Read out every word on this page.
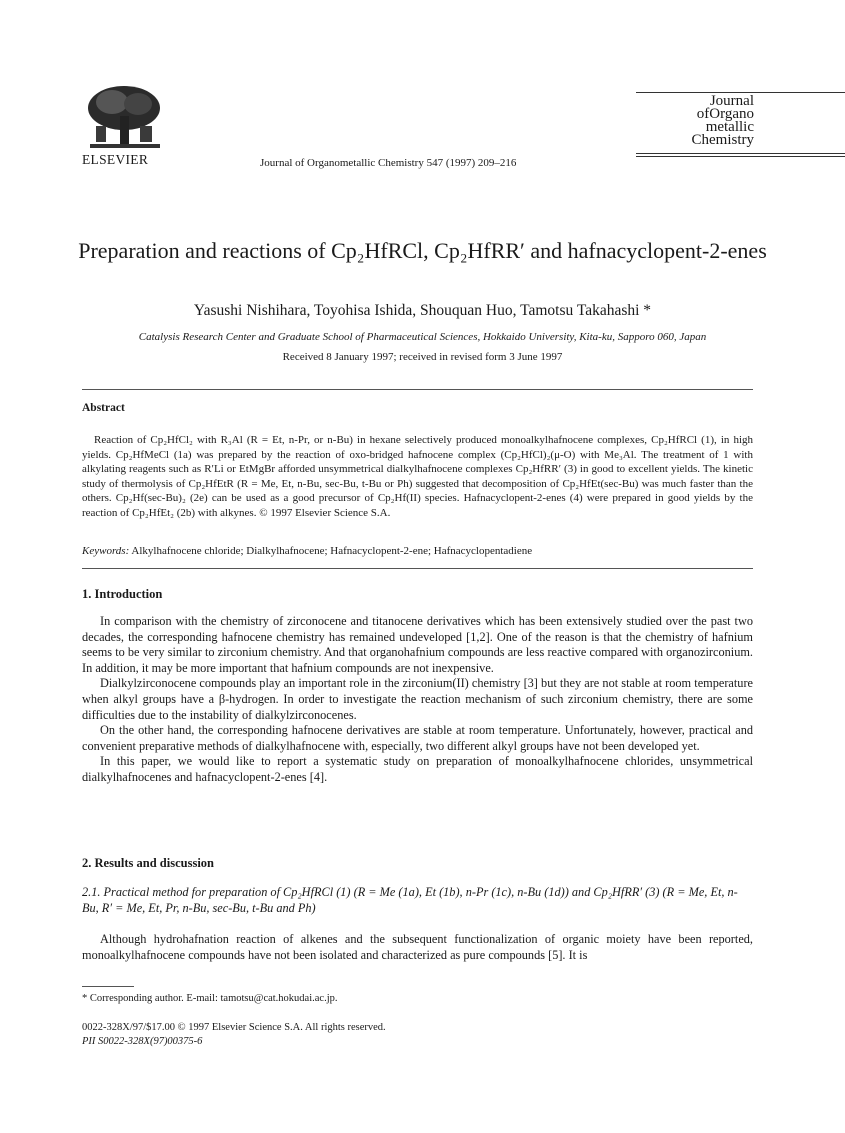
ELSEVIER	Journal of Organometallic Chemistry 547 (1997) 209–216
Journal
ofOrgano
metallic
Chemistry
Preparation and reactions of Cp₂HfRCl, Cp₂HfRR′ and hafnacyclopent-2-enes
Yasushi Nishihara, Toyohisa Ishida, Shouquan Huo, Tamotsu Takahashi *
Catalysis Research Center and Graduate School of Pharmaceutical Sciences, Hokkaido University, Kita-ku, Sapporo 060, Japan
Received 8 January 1997; received in revised form 3 June 1997
Abstract
Reaction of Cp₂HfCl₂ with R₃Al (R = Et, n-Pr, or n-Bu) in hexane selectively produced monoalkylhafnocene complexes, Cp₂HfRCl (1), in high yields. Cp₂HfMeCl (1a) was prepared by the reaction of oxo-bridged hafnocene complex (Cp₂HfCl)₂(μ-O) with Me₃Al. The treatment of 1 with alkylating reagents such as R′Li or EtMgBr afforded unsymmetrical dialkylhafnocene complexes Cp₂HfRR′ (3) in good to excellent yields. The kinetic study of thermolysis of Cp₂HfEtR (R = Me, Et, n-Bu, sec-Bu, t-Bu or Ph) suggested that decomposition of Cp₂HfEt(sec-Bu) was much faster than the others. Cp₂Hf(sec-Bu)₂ (2e) can be used as a good precursor of Cp₂Hf(II) species. Hafnacyclopent-2-enes (4) were prepared in good yields by the reaction of Cp₂HfEt₂ (2b) with alkynes. © 1997 Elsevier Science S.A.
Keywords: Alkylhafnocene chloride; Dialkylhafnocene; Hafnacyclopent-2-ene; Hafnacyclopentadiene
1. Introduction

In comparison with the chemistry of zirconocene and titanocene derivatives which has been extensively studied over the past two decades, the corresponding hafnocene chemistry has remained undeveloped [1,2]. One of the reason is that the chemistry of hafnium seems to be very similar to zirconium chemistry. And that organohafnium compounds are less reactive compared with organozirconium. In addition, it may be more important that hafnium compounds are not inexpensive.

Dialkylzirconocene compounds play an important role in the zirconium(II) chemistry [3] but they are not stable at room temperature when alkyl groups have a β-hydrogen. In order to investigate the reaction mechanism of such zirconium chemistry, there are some difficulties due to the instability of dialkylzirconocenes.

On the other hand, the corresponding hafnocene derivatives are stable at room temperature. Unfortunately, however, practical and convenient preparative methods of dialkylhafnocene with, especially, two different alkyl groups have not been developed yet.

In this paper, we would like to report a systematic study on preparation of monoalkylhafnocene chlorides, unsymmetrical dialkylhafnocenes and hafnacyclopent-2-enes [4].

2. Results and discussion
2.1. Practical method for preparation of Cp₂HfRCl (1) (R = Me (1a), Et (1b), n-Pr (1c), n-Bu (1d)) and Cp₂HfRR′ (3) (R = Me, Et, n-Bu, R′ = Me, Et, Pr, n-Bu, sec-Bu, t-Bu and Ph)

Although hydrohafnation reaction of alkenes and the subsequent functionalization of organic moiety have been reported, monoalkylhafnocene compounds have not been isolated and characterized as pure compounds [5]. It is

* Corresponding author. E-mail: tamotsu@cat.hokudai.ac.jp.
0022-328X/97/$17.00 © 1997 Elsevier Science S.A. All rights reserved.
PII S0022-328X(97)00375-6
